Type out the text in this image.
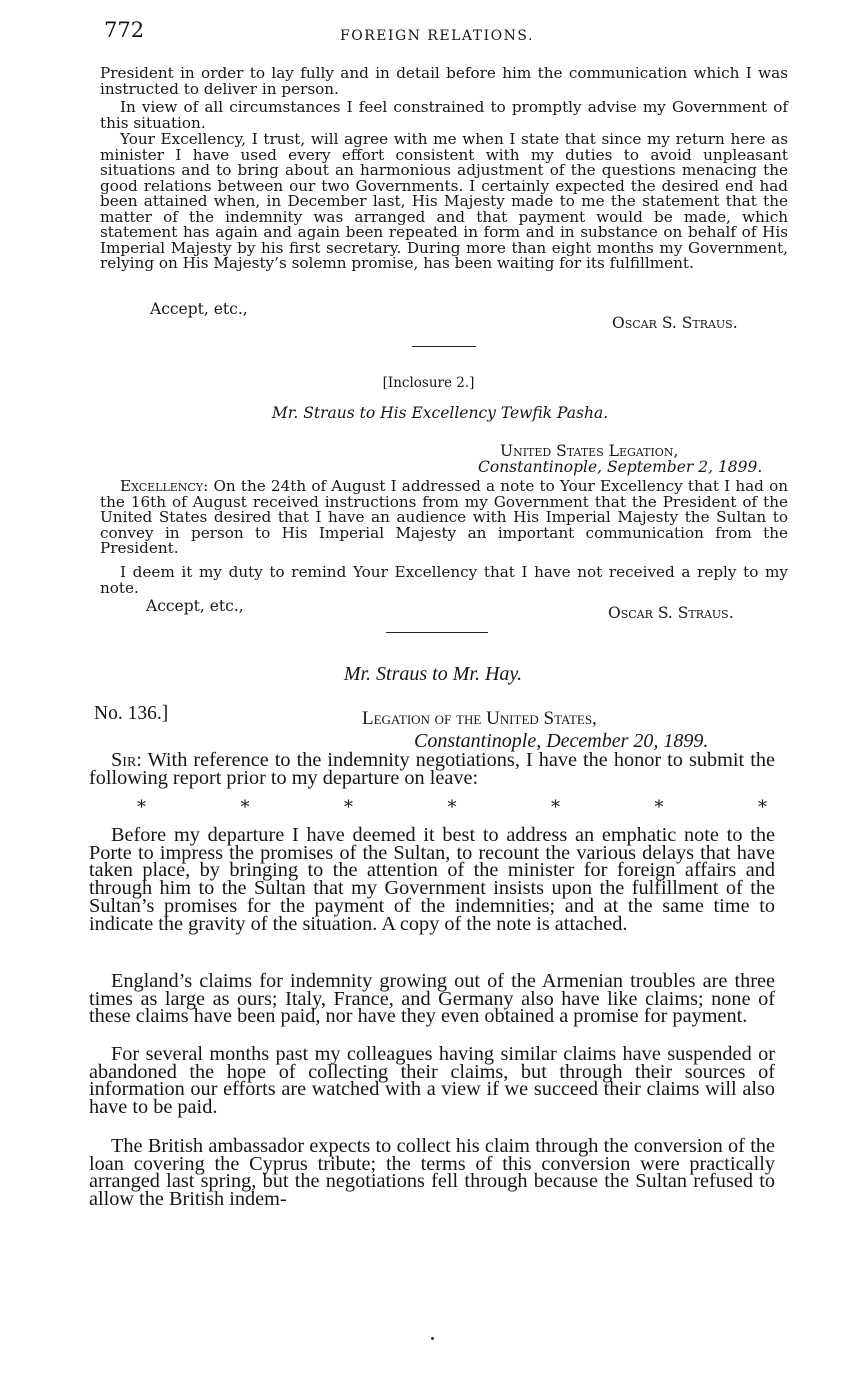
772	FOREIGN RELATIONS.

President in order to lay fully and in detail before him the communication which I was instructed to deliver in person.

In view of all circumstances I feel constrained to promptly advise my Government of this situation.

Your Excellency, I trust, will agree with me when I state that since my return here as minister I have used every effort consistent with my duties to avoid unpleasant situations and to bring about an harmonious adjustment of the questions menacing the good relations between our two Governments. I certainly expected the desired end had been attained when, in December last, His Majesty made to me the statement that the matter of the indemnity was arranged and that payment would be made, which statement has again and again been repeated in form and in substance on behalf of His Imperial Majesty by his first secretary. During more than eight months my Government, relying on His Majesty’s solemn promise, has been waiting for its fulfillment.

Accept, etc.,
Oscar S. Straus.
[Inclosure 2.]
Mr. Straus to His Excellency Tewfik Pasha.
United States Legation,
Constantinople, September 2, 1899.

Excellency: On the 24th of August I addressed a note to Your Excellency that I had on the 16th of August received instructions from my Government that the President of the United States desired that I have an audience with His Imperial Majesty the Sultan to convey in person to His Imperial Majesty an important communication from the President.

I deem it my duty to remind Your Excellency that I have not received a reply to my note.

Accept, etc.,	Oscar S. Straus.
Mr. Straus to Mr. Hay.
No. 136.]	Legation of the United States,
Constantinople, December 20, 1899.

Sir: With reference to the indemnity negotiations, I have the honor to submit the following report prior to my departure on leave:

*	*	*	*	*	*	*

Before my departure I have deemed it best to address an emphatic note to the Porte to impress the promises of the Sultan, to recount the various delays that have taken place, by bringing to the attention of the minister for foreign affairs and through him to the Sultan that my Government insists upon the fulfillment of the Sultan’s promises for the payment of the indemnities; and at the same time to indicate the gravity of the situation. A copy of the note is attached.

England’s claims for indemnity growing out of the Armenian troubles are three times as large as ours; Italy, France, and Germany also have like claims; none of these claims have been paid, nor have they even obtained a promise for payment.

For several months past my colleagues having similar claims have suspended or abandoned the hope of collecting their claims, but through their sources of information our efforts are watched with a view if we succeed their claims will also have to be paid.

The British ambassador expects to collect his claim through the conversion of the loan covering the Cyprus tribute; the terms of this conversion were practically arranged last spring, but the negotiations fell through because the Sultan refused to allow the British indem-
